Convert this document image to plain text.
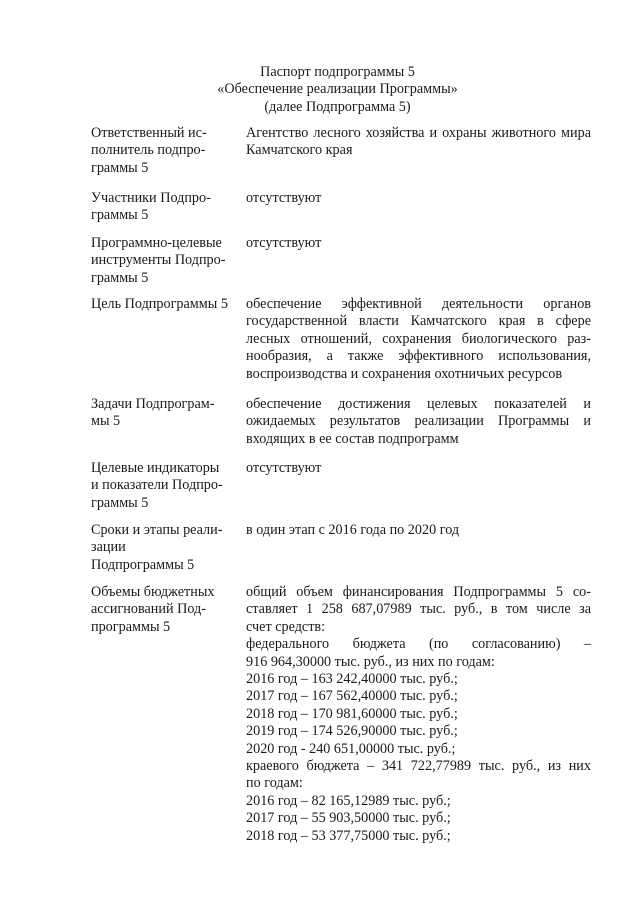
Паспорт подпрограммы 5
«Обеспечение реализации Программы»
(далее Подпрограмма 5)
Ответственный ис-
полнитель подпро-
граммы 5
Агентство лесного хозяйства и охраны животного мира Камчатского края
Участники Подпро-
граммы 5
отсутствуют
Программно-целевые
инструменты Подпро-
граммы 5
отсутствуют
Цель Подпрограммы 5	обеспечение эффективной деятельности органов государственной власти Камчатского края в сфере лесных отношений, сохранения биологического раз-нообразия, а также эффективного использования, воспроизводства и сохранения охотничьих ресурсов
Задачи Подпрограм-
мы 5
обеспечение достижения целевых показателей и ожидаемых результатов реализации Программы и входящих в ее состав подпрограмм
Целевые индикаторы
и показатели Подпро-
граммы 5
отсутствуют
Сроки и этапы реали-
зации
Подпрограммы 5
в один этап с 2016 года по 2020 год
Объемы бюджетных
ассигнований Под-
программы 5
общий объем финансирования Подпрограммы 5 со-
ставляет 1 258 687,07989 тыс. руб., в том числе за
счет средств:
федерального бюджета (по согласованию) –
916 964,30000 тыс. руб., из них по годам:
2016 год – 163 242,40000 тыс. руб.;
2017 год – 167 562,40000 тыс. руб.;
2018 год – 170 981,60000 тыс. руб.;
2019 год – 174 526,90000 тыс. руб.;
2020 год - 240 651,00000 тыс. руб.;
краевого бюджета – 341 722,77989 тыс. руб., из них
по годам:
2016 год – 82 165,12989 тыс. руб.;
2017 год – 55 903,50000 тыс. руб.;
2018 год – 53 377,75000 тыс. руб.;
